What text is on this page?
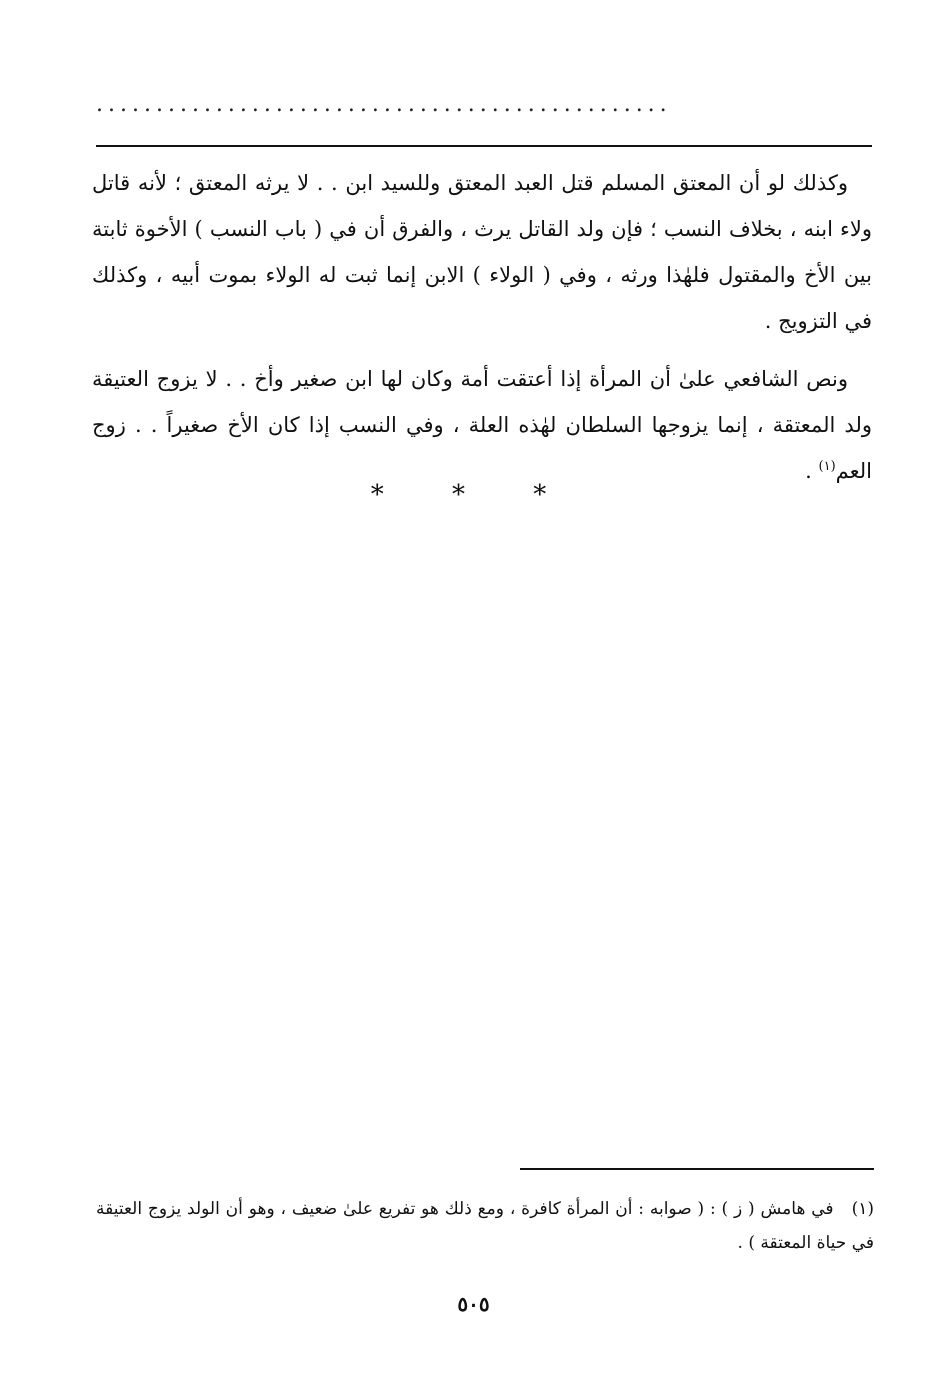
................................................

وكذلك لو أن المعتق المسلم قتل العبد المعتق وللسيد ابن . . لا يرثه المعتق ؛ لأنه قاتل ولاء ابنه ، بخلاف النسب ؛ فإن ولد القاتل يرث ، والفرق أن في ( باب النسب ) الأخوة ثابتة بين الأخ والمقتول فلهٰذا ورثه ، وفي ( الولاء ) الابن إنما ثبت له الولاء بموت أبيه ، وكذلك في التزويج .

ونص الشافعي علىٰ أن المرأة إذا أعتقت أمة وكان لها ابن صغير وأخ . . لا يزوج العتيقة ولد المعتقة ، إنما يزوجها السلطان لهٰذه العلة ، وفي النسب إذا كان الأخ صغيراً . . زوج العم$^{(١)}$ .

* * *
(١)في هامش ( ز ) : ( صوابه : أن المرأة كافرة ، ومع ذلك هو تفريع علىٰ ضعيف ، وهو أن الولد يزوج العتيقة في حياة المعتقة ) .
٥٠٥
